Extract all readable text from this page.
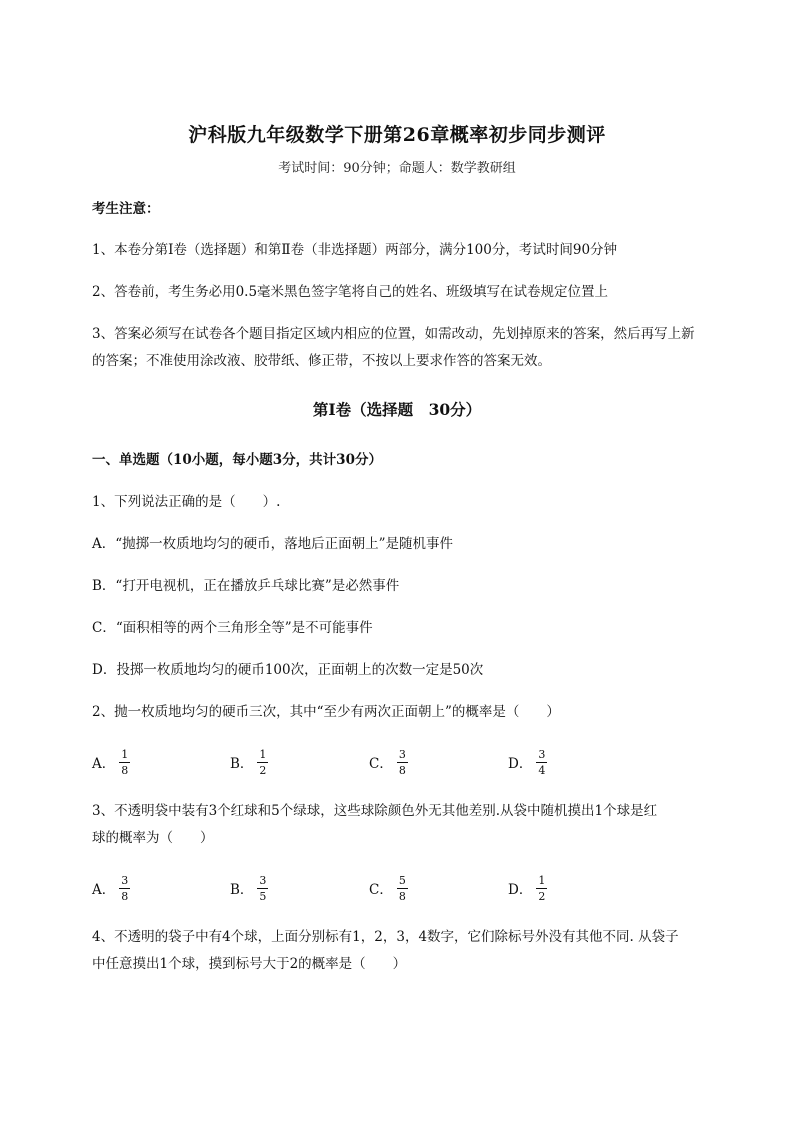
沪科版九年级数学下册第26章概率初步同步测评
考试时间：90分钟；命题人：数学教研组
考生注意：
1、本卷分第I卷（选择题）和第Ⅱ卷（非选择题）两部分，满分100分，考试时间90分钟
2、答卷前，考生务必用0.5毫米黑色签字笔将自己的姓名、班级填写在试卷规定位置上
3、答案必须写在试卷各个题目指定区域内相应的位置，如需改动，先划掉原来的答案，然后再写上新
的答案；不准使用涂改液、胶带纸、修正带，不按以上要求作答的答案无效。
第I卷（选择题　30分）
一、单选题（10小题，每小题3分，共计30分）
1、下列说法正确的是（　　）.
A．“抛掷一枚质地均匀的硬币，落地后正面朝上”是随机事件
B．“打开电视机，正在播放乒乓球比赛”是必然事件
C．“面积相等的两个三角形全等”是不可能事件
D．投掷一枚质地均匀的硬币100次，正面朝上的次数一定是50次
2、抛一枚质地均匀的硬币三次，其中“至少有两次正面朝上”的概率是（　　）
A． $\frac{1}{8}$	B． $\frac{1}{2}$	C． $\frac{3}{8}$	D． $\frac{3}{4}$
3、不透明袋中装有3个红球和5个绿球，这些球除颜色外无其他差别.从袋中随机摸出1个球是红
球的概率为（　　）
A． $\frac{3}{8}$	B． $\frac{3}{5}$	C． $\frac{5}{8}$	D． $\frac{1}{2}$
4、不透明的袋子中有4个球，上面分别标有1，2，3，4数字，它们除标号外没有其他不同. 从袋子
中任意摸出1个球，摸到标号大于2的概率是（　　）
